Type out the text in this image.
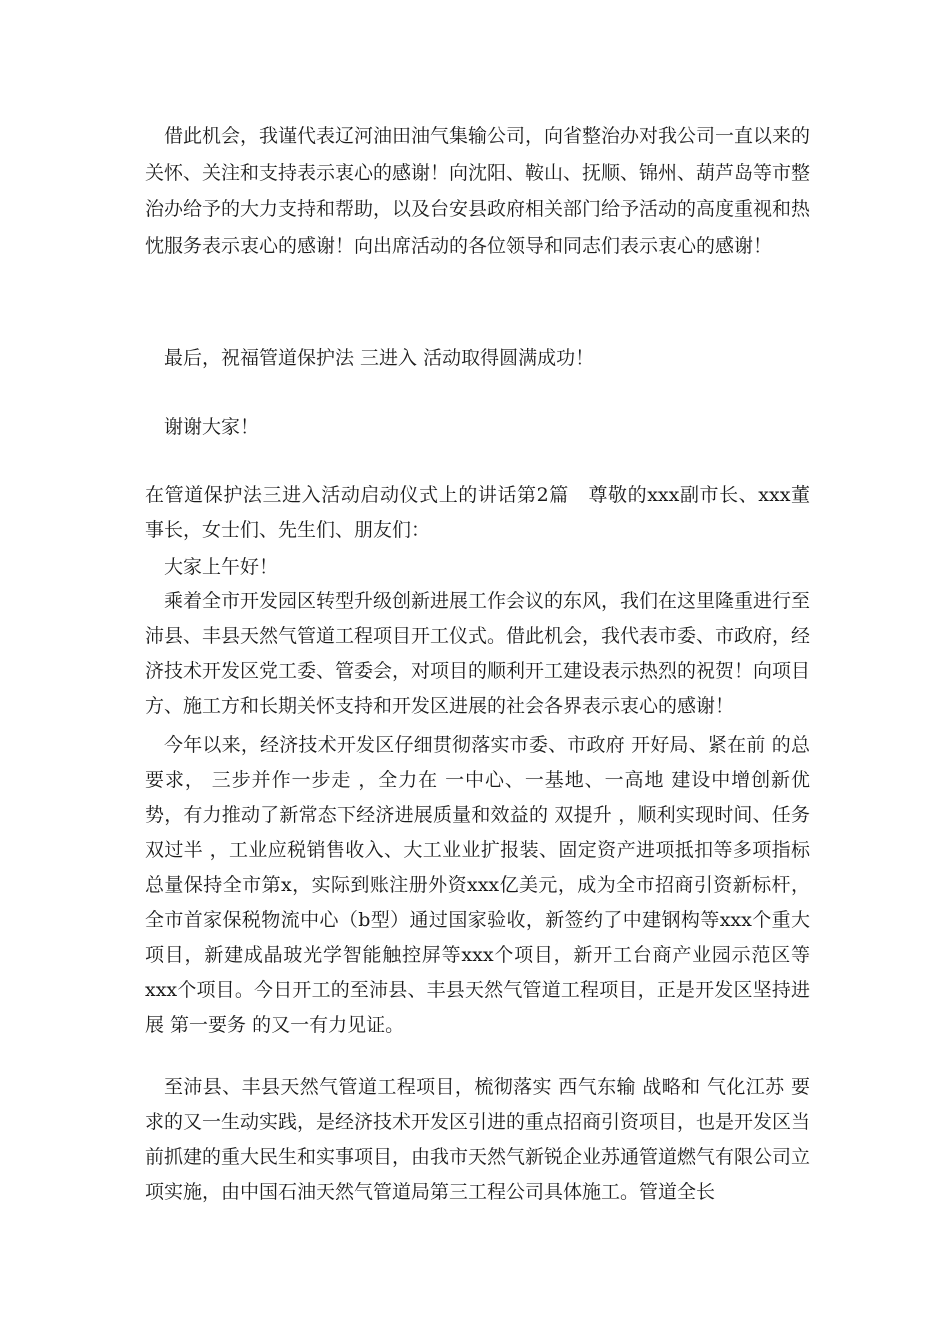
借此机会，我谨代表辽河油田油气集输公司，向省整治办对我公司一直以来的关怀、关注和支持表示衷心的感谢！向沈阳、鞍山、抚顺、锦州、葫芦岛等市整治办给予的大力支持和帮助，以及台安县政府相关部门给予活动的高度重视和热忱服务表示衷心的感谢！向出席活动的各位领导和同志们表示衷心的感谢！

最后，祝福管道保护法 三进入 活动取得圆满成功！

谢谢大家！

在管道保护法三进入活动启动仪式上的讲话第2篇　尊敬的xxx副市长、xxx董事长，女士们、先生们、朋友们：

大家上午好！

乘着全市开发园区转型升级创新进展工作会议的东风，我们在这里隆重进行至沛县、丰县天然气管道工程项目开工仪式。借此机会，我代表市委、市政府，经济技术开发区党工委、管委会，对项目的顺利开工建设表示热烈的祝贺！向项目方、施工方和长期关怀支持和开发区进展的社会各界表示衷心的感谢！

今年以来，经济技术开发区仔细贯彻落实市委、市政府 开好局、紧在前 的总要求， 三步并作一步走 ，全力在 一中心、一基地、一高地 建设中增创新优势，有力推动了新常态下经济进展质量和效益的 双提升 ，顺利实现时间、任务 双过半 ，工业应税销售收入、大工业业扩报装、固定资产进项抵扣等多项指标总量保持全市第x，实际到账注册外资xxx亿美元，成为全市招商引资新标杆，全市首家保税物流中心（b型）通过国家验收，新签约了中建钢构等xxx个重大项目，新建成晶玻光学智能触控屏等xxx个项目，新开工台商产业园示范区等xxx个项目。今日开工的至沛县、丰县天然气管道工程项目，正是开发区坚持进展 第一要务 的又一有力见证。

至沛县、丰县天然气管道工程项目，梳彻落实 西气东输 战略和 气化江苏 要求的又一生动实践，是经济技术开发区引进的重点招商引资项目，也是开发区当前抓建的重大民生和实事项目，由我市天然气新锐企业苏通管道燃气有限公司立项实施，由中国石油天然气管道局第三工程公司具体施工。管道全长
